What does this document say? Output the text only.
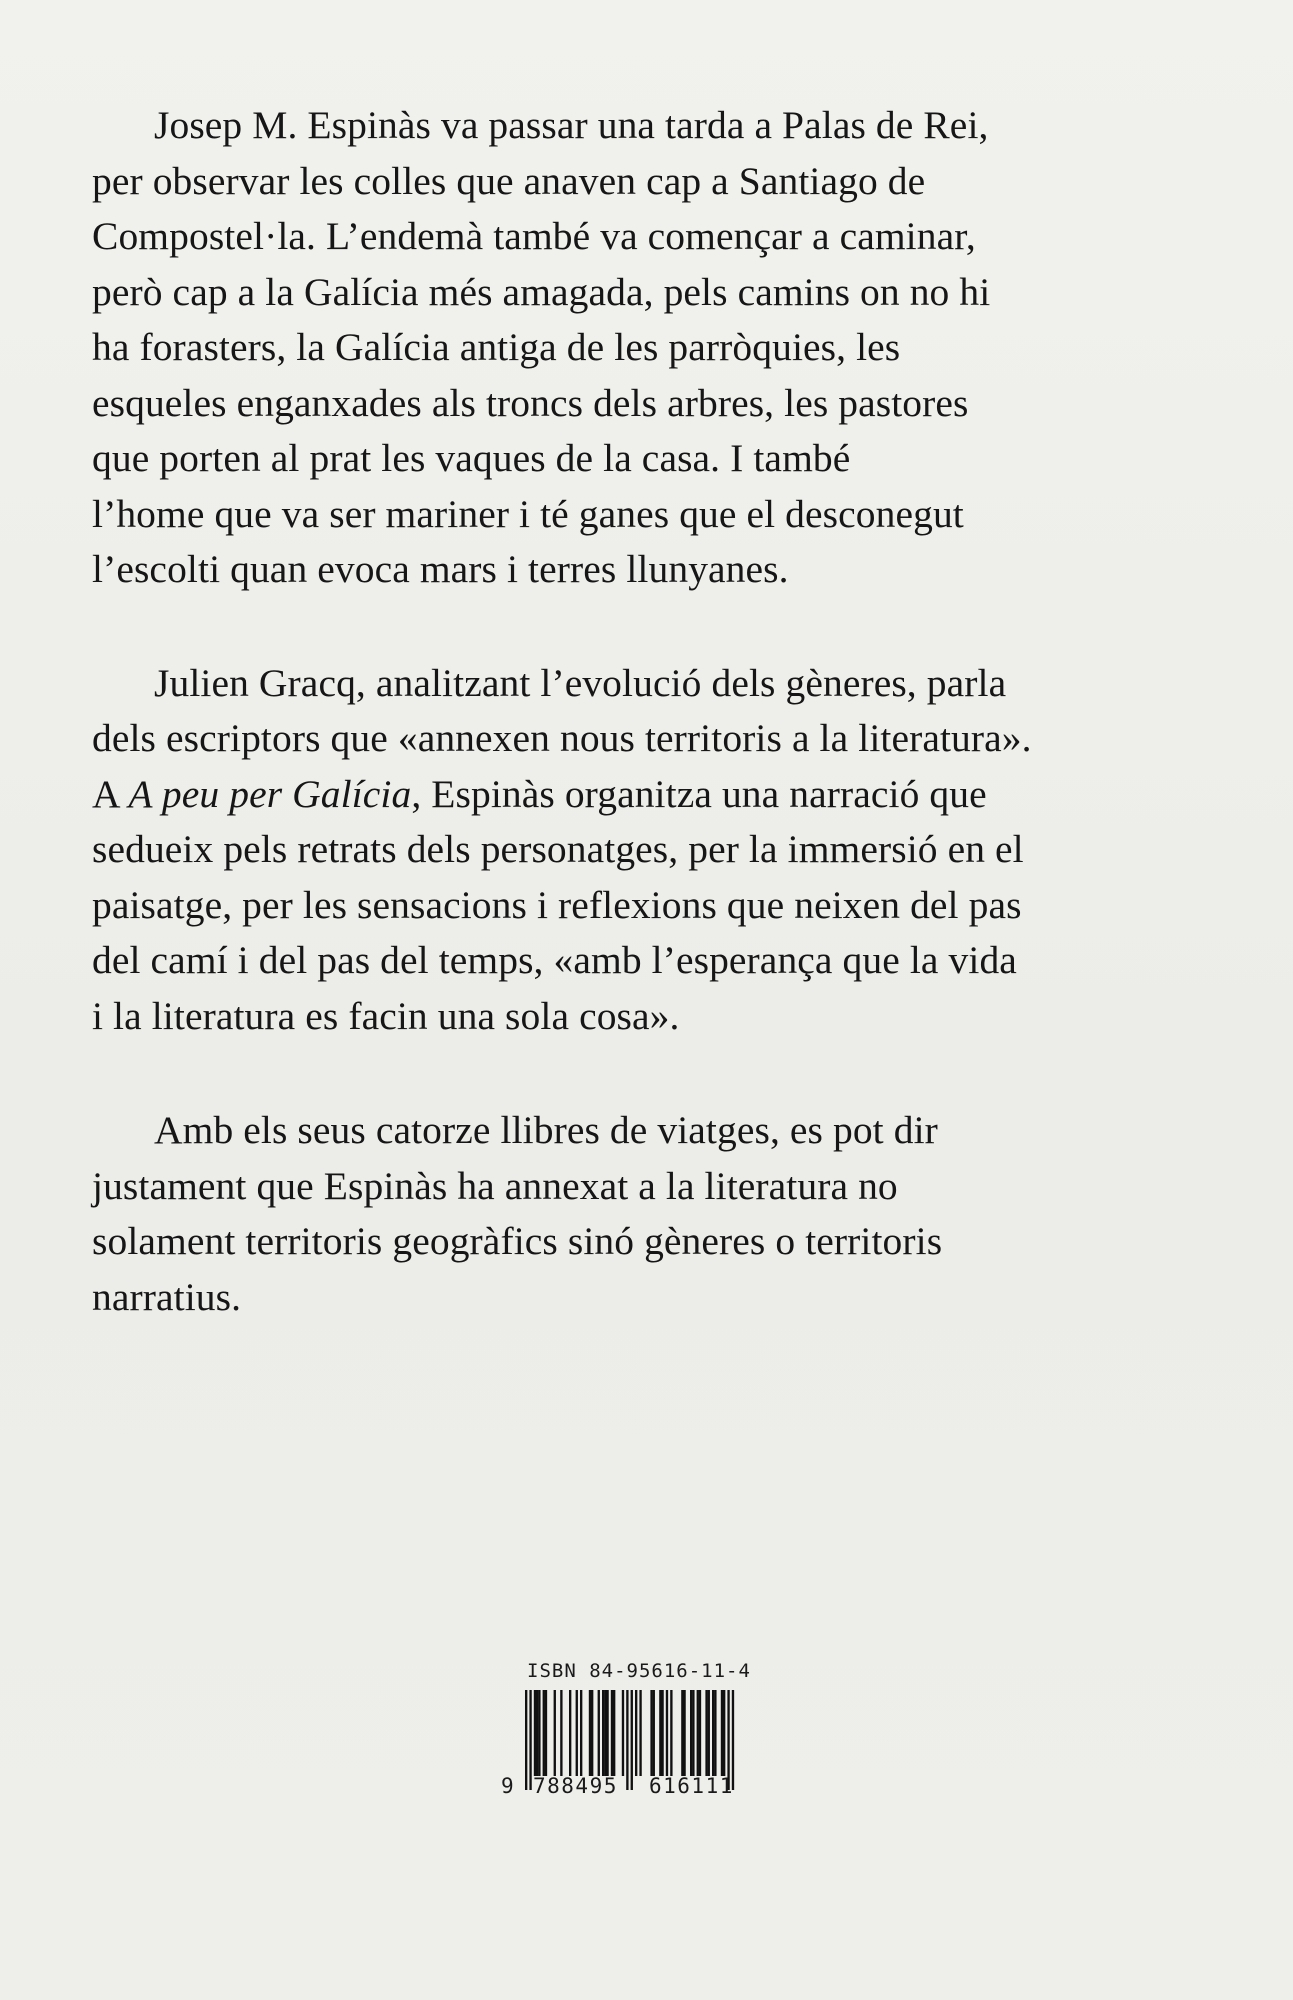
Josep M. Espinàs va passar una tarda a Palas de Rei,
per observar les colles que anaven cap a Santiago de
Compostel·la. L’endemà també va començar a caminar,
però cap a la Galícia més amagada, pels camins on no hi
ha forasters, la Galícia antiga de les parròquies, les
esqueles enganxades als troncs dels arbres, les pastores
que porten al prat les vaques de la casa. I també
l’home que va ser mariner i té ganes que el desconegut
l’escolti quan evoca mars i terres llunyanes.

Julien Gracq, analitzant l’evolució dels gèneres, parla
dels escriptors que «annexen nous territoris a la literatura».
A A peu per Galícia, Espinàs organitza una narració que
sedueix pels retrats dels personatges, per la immersió en el
paisatge, per les sensacions i reflexions que neixen del pas
del camí i del pas del temps, «amb l’esperança que la vida
i la literatura es facin una sola cosa».

Amb els seus catorze llibres de viatges, es pot dir
justament que Espinàs ha annexat a la literatura no
solament territoris geogràfics sinó gèneres o territoris
narratius.

ISBN 84-95616-11-4
9 788495 616111
